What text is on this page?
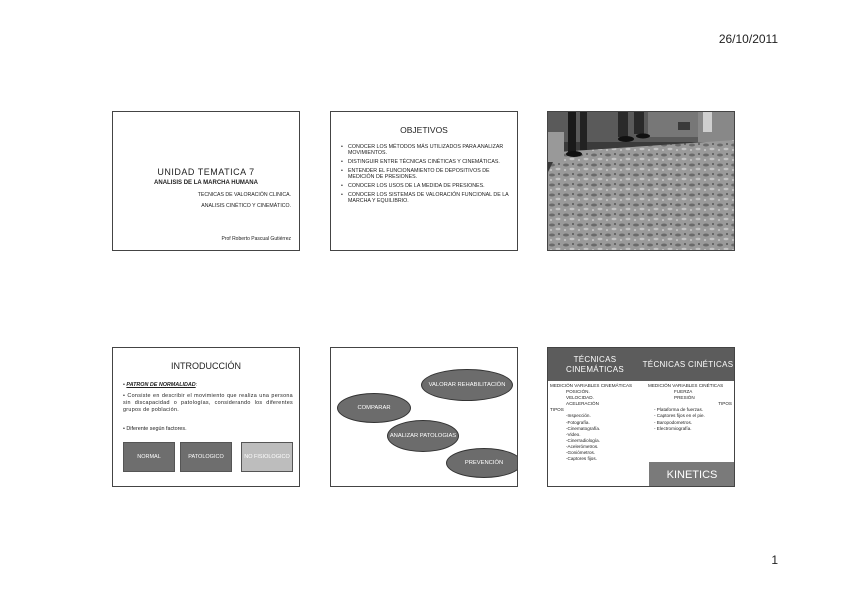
26/10/2011
UNIDAD TEMATICA 7
ANALISIS DE LA MARCHA HUMANA
TECNICAS DE VALORACIÓN CLINICA.
ANALISIS CINÉTICO Y CINEMÁTICO.
Prof Roberto Pascual Gutiérrez
OBJETIVOS
• CONOCER LOS MÉTODOS MÁS UTILIZADOS PARA ANALIZAR MOVIMIENTOS.
• DISTINGUIR ENTRE TÉCNICAS CINÉTICAS Y CINEMÁTICAS.
• ENTENDER EL FUNCIONAMIENTO DE DEPOSITIVOS DE MEDICIÓN DE PRESIONES.
• CONOCER LOS USOS DE LA MEDIDA DE PRESIONES.
• CONOCER LOS SISTEMAS DE VALORACIÓN FUNCIONAL DE LA MARCHA Y EQUILIBRIO.
INTRODUCCIÓN
• PATRON DE NORMALIDAD:
• Consiste en describir el movimiento que realiza una persona sin discapacidad o patologías, considerando los diferentes grupos de población.
• Diferente según factores.
NORMAL	PATOLOGICO	NO FISIOLOGICO
VALORAR REHABILITACIÓN
COMPARAR
ANALIZAR PATOLOGIAS
PREVENCIÓN
TÉCNICAS CINEMÁTICAS
TÉCNICAS CINÉTICAS
MEDICIÓN VARIABLES CINEMÁTICAS
POSICIÓN.
VELOCIDAD.
ACELERACIÓN
TIPOS
-Inspección.
-Fotografía.
-Cinematografía.
-Video.
-Cinerradiología.
-Acelerómetros.
-Goniómetros.
-Captores fijos.
MEDICIÓN VARIABLES CINÉTICAS
FUERZA
PRESIÓN
TIPOS
- Plataforma de fuerzas.
- Captores fijos en el pie.
- Baropodometros.
- Electromiografía.
KINETICS
1
